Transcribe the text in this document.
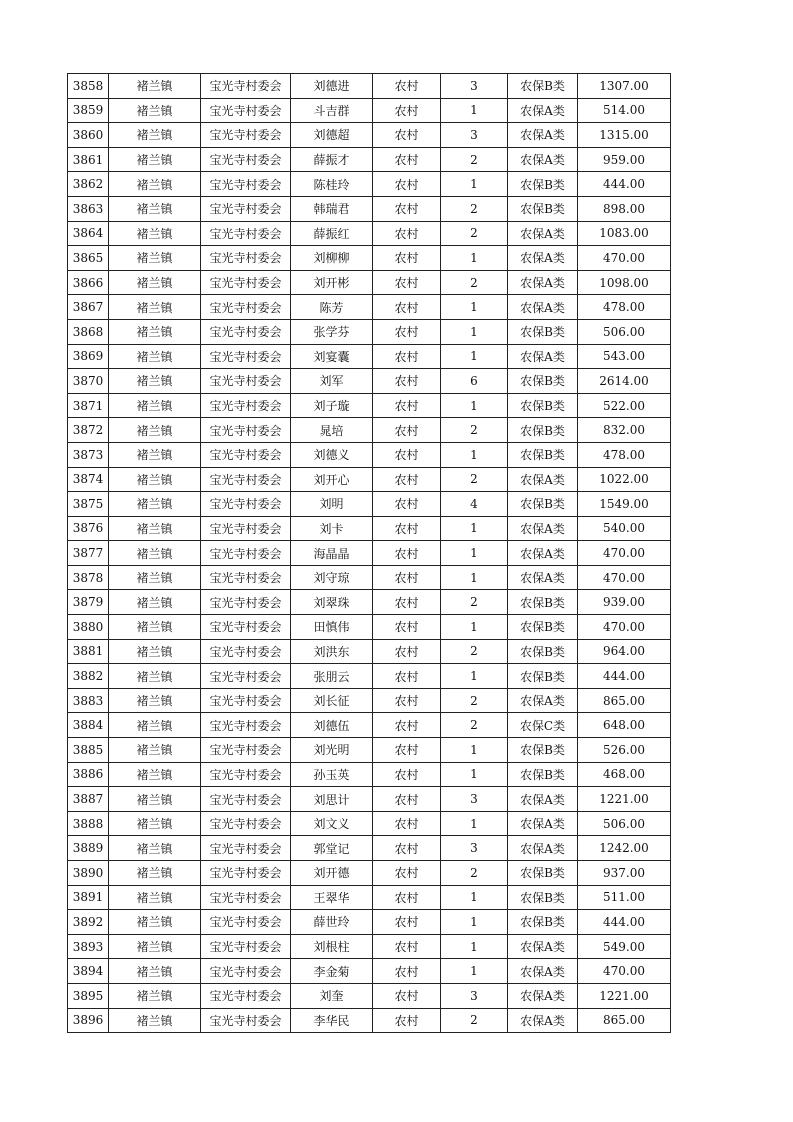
3858	褚兰镇	宝光寺村委会	刘德进	农村	3	农保B类	1307.00
3859	褚兰镇	宝光寺村委会	斗吉群	农村	1	农保A类	514.00
3860	褚兰镇	宝光寺村委会	刘德超	农村	3	农保A类	1315.00
3861	褚兰镇	宝光寺村委会	薛振才	农村	2	农保A类	959.00
3862	褚兰镇	宝光寺村委会	陈桂玲	农村	1	农保B类	444.00
3863	褚兰镇	宝光寺村委会	韩瑞君	农村	2	农保B类	898.00
3864	褚兰镇	宝光寺村委会	薛振红	农村	2	农保A类	1083.00
3865	褚兰镇	宝光寺村委会	刘柳柳	农村	1	农保A类	470.00
3866	褚兰镇	宝光寺村委会	刘开彬	农村	2	农保A类	1098.00
3867	褚兰镇	宝光寺村委会	陈芳	农村	1	农保A类	478.00
3868	褚兰镇	宝光寺村委会	张学芬	农村	1	农保B类	506.00
3869	褚兰镇	宝光寺村委会	刘宴囊	农村	1	农保A类	543.00
3870	褚兰镇	宝光寺村委会	刘军	农村	6	农保B类	2614.00
3871	褚兰镇	宝光寺村委会	刘子璇	农村	1	农保B类	522.00
3872	褚兰镇	宝光寺村委会	晁培	农村	2	农保B类	832.00
3873	褚兰镇	宝光寺村委会	刘德义	农村	1	农保B类	478.00
3874	褚兰镇	宝光寺村委会	刘开心	农村	2	农保A类	1022.00
3875	褚兰镇	宝光寺村委会	刘明	农村	4	农保B类	1549.00
3876	褚兰镇	宝光寺村委会	刘卡	农村	1	农保A类	540.00
3877	褚兰镇	宝光寺村委会	海晶晶	农村	1	农保A类	470.00
3878	褚兰镇	宝光寺村委会	刘守琼	农村	1	农保A类	470.00
3879	褚兰镇	宝光寺村委会	刘翠珠	农村	2	农保B类	939.00
3880	褚兰镇	宝光寺村委会	田慎伟	农村	1	农保B类	470.00
3881	褚兰镇	宝光寺村委会	刘洪东	农村	2	农保B类	964.00
3882	褚兰镇	宝光寺村委会	张朋云	农村	1	农保B类	444.00
3883	褚兰镇	宝光寺村委会	刘长征	农村	2	农保A类	865.00
3884	褚兰镇	宝光寺村委会	刘德伍	农村	2	农保C类	648.00
3885	褚兰镇	宝光寺村委会	刘光明	农村	1	农保B类	526.00
3886	褚兰镇	宝光寺村委会	孙玉英	农村	1	农保B类	468.00
3887	褚兰镇	宝光寺村委会	刘思计	农村	3	农保A类	1221.00
3888	褚兰镇	宝光寺村委会	刘文义	农村	1	农保A类	506.00
3889	褚兰镇	宝光寺村委会	郭堂记	农村	3	农保A类	1242.00
3890	褚兰镇	宝光寺村委会	刘开德	农村	2	农保B类	937.00
3891	褚兰镇	宝光寺村委会	王翠华	农村	1	农保B类	511.00
3892	褚兰镇	宝光寺村委会	薛世玲	农村	1	农保B类	444.00
3893	褚兰镇	宝光寺村委会	刘根柱	农村	1	农保A类	549.00
3894	褚兰镇	宝光寺村委会	李金菊	农村	1	农保A类	470.00
3895	褚兰镇	宝光寺村委会	刘奎	农村	3	农保A类	1221.00
3896	褚兰镇	宝光寺村委会	李华民	农村	2	农保A类	865.00
